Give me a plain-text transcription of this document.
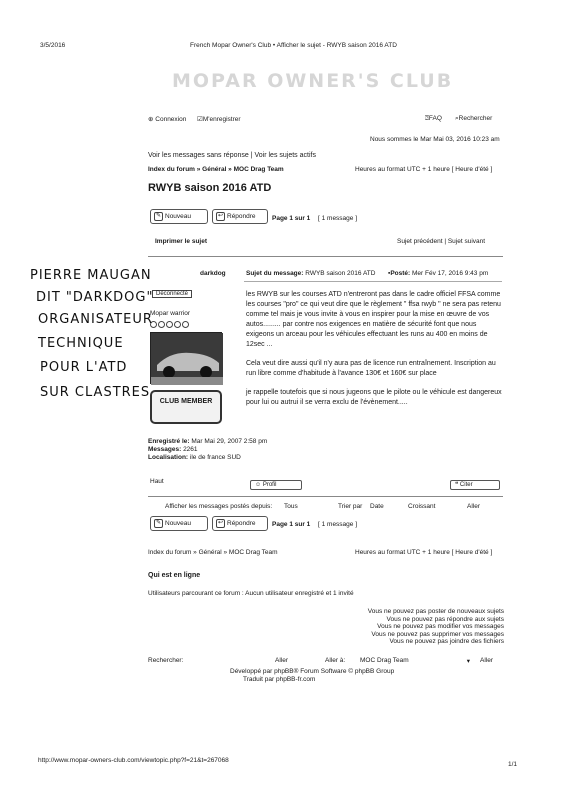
3/5/2016	French Mopar Owner's Club • Afficher le sujet - RWYB saison 2016 ATD
MOPAR OWNER'S CLUB
⊕ Connexion ☑M'enregistrer	⍰FAQ ⌕Rechercher
Nous sommes le Mar Mai 03, 2016 10:23 am
Voir les messages sans réponse | Voir les sujets actifs
Index du forum » Général » MOC Drag Team	Heures au format UTC + 1 heure [ Heure d'été ]
RWYB saison 2016 ATD
✎ Nouveau	↩ Répondre	Page 1 sur 1 [ 1 message ]
Imprimer le sujet	Sujet précédent | Sujet suivant
darkdog
Déconnecté
Mopar warrior
CLUB MEMBER
Enregistré le: Mar Mai 29, 2007 2:58 pm
Messages: 2261
Localisation: ile de france SUD
Sujet du message: RWYB saison 2016 ATD ▪Posté: Mer Fév 17, 2016 9:43 pm

les RWYB sur les courses ATD n'entreront pas dans le cadre officiel FFSA comme les courses "pro" ce qui veut dire que le règlement " ffsa rwyb " ne sera pas retenu comme tel mais je vous invite à vous en inspirer pour la mise en œuvre de vos autos......... par contre nos exigences en matière de sécurité font que nous exigeons un arceau pour les véhicules effectuant les runs au 400 en moins de 12sec ...

Cela veut dire aussi qu'il n'y aura pas de licence run entraînement. Inscription au run libre comme d'habitude à l'avance 130€ et 160€ sur place

je rappelle toutefois que si nous jugeons que le pilote ou le véhicule est dangereux pour lui ou autrui il se verra exclu de l'évènement.....

Haut	☺ Profil	❝ Citer
Afficher les messages postés depuis: Tous	Trier par Date	Croissant	Aller
✎ Nouveau	↩ Répondre	Page 1 sur 1 [ 1 message ]
Index du forum » Général » MOC Drag Team	Heures au format UTC + 1 heure [ Heure d'été ]
Qui est en ligne
Utilisateurs parcourant ce forum : Aucun utilisateur enregistré et 1 invité
Vous ne pouvez pas poster de nouveaux sujets
Vous ne pouvez pas répondre aux sujets
Vous ne pouvez pas modifier vos messages
Vous ne pouvez pas supprimer vos messages
Vous ne pouvez pas joindre des fichiers
Rechercher:	Aller	Aller à: MOC Drag Team	▾ Aller
Développé par phpBB® Forum Software © phpBB Group
Traduit par phpBB-fr.com
http://www.mopar-owners-club.com/viewtopic.php?f=21&t=267068
1/1
PIERRE MAUGAN
DIT "DARKDOG"
ORGANISATEUR
TECHNIQUE
POUR L'ATD
SUR CLASTRES
